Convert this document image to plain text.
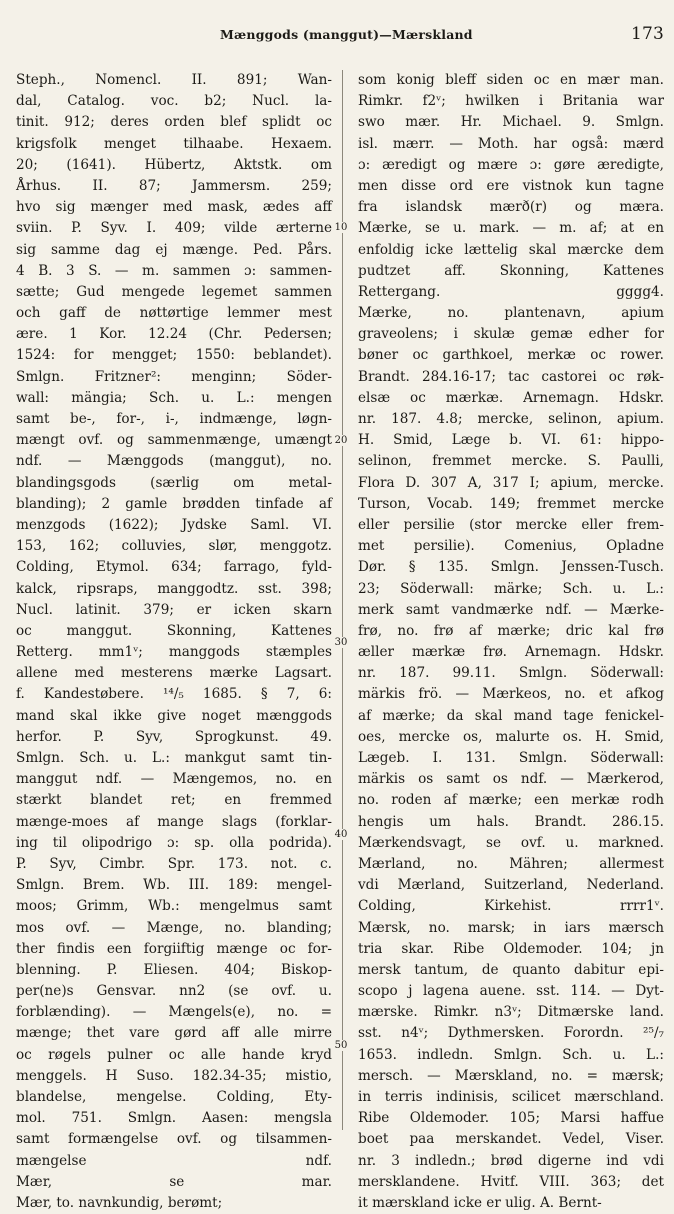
Mænggods (manggut)—Mærskland	173
10
20
30
40
50
Steph., Nomencl. II. 891; Wan-
dal, Catalog. voc. b2; Nucl. la-
tinit. 912; deres orden blef splidt oc
krigsfolk menget tilhaabe. Hexaem.
20; (1641). Hübertz, Aktstk. om
Århus. II. 87; Jammersm. 259;
hvo sig mænger med mask, ædes aff
sviin. P. Syv. I. 409; vilde ærterne
sig samme dag ej mænge. Ped. Pårs.
4 B. 3 S. — m. sammen ɔ: sammen-
sætte; Gud mengede legemet sammen
och gaff de nøttørtige lemmer mest
ære. 1 Kor. 12.24 (Chr. Pedersen;
1524: for mengget; 1550: beblandet).
Smlgn. Fritzner²: menginn; Söder-
wall: mängia; Sch. u. L.: mengen
samt be-, for-, i-, indmænge, løgn-
mængt ovf. og sammenmænge, umængt
ndf. — Mænggods (manggut), no.
blandingsgods (særlig om metal-
blanding); 2 gamle brødden tinfade af
menzgods (1622); Jydske Saml. VI.
153, 162; colluvies, slør, menggotz.
Colding, Etymol. 634; farrago, fyld-
kalck, ripsraps, manggodtz. sst. 398;
Nucl. latinit. 379; er icken skarn
oc manggut. Skonning, Kattenes
Retterg. mm1ᵛ; manggods stæmples
allene med mesterens mærke Lagsart.
f. Kandestøbere. ¹⁴/₅ 1685. § 7, 6:
mand skal ikke give noget mænggods
herfor. P. Syv, Sprogkunst. 49.
Smlgn. Sch. u. L.: mankgut samt tin-
manggut ndf. — Mængemos, no. en
stærkt blandet ret; en fremmed
mænge-moes af mange slags (forklar-
ing til olipodrigo ɔ: sp. olla podrida).
P. Syv, Cimbr. Spr. 173. not. c.
Smlgn. Brem. Wb. III. 189: mengel-
moos; Grimm, Wb.: mengelmus samt
mos ovf. — Mænge, no. blanding;
ther findis een forgiiftig mænge oc for-
blenning. P. Eliesen. 404; Biskop-
per(ne)s Gensvar. nn2 (se ovf. u.
forblænding). — Mængels(e), no. =
mænge; thet vare gørd aff alle mirre
oc røgels pulner oc alle hande kryd
menggels. H Suso. 182.34-35; mistio,
blandelse, mengelse. Colding, Ety-
mol. 751. Smlgn. Aasen: mengsla
samt formængelse ovf. og tilsammen-
mængelse ndf.
Mær, se mar.
Mær, to. navnkundig, berømt;
som konig bleff siden oc en mær man.
Rimkr. f2ᵛ; hwilken i Britania war
swo mær. Hr. Michael. 9. Smlgn.
isl. mærr. — Moth. har også: mærd
ɔ: æredigt og mære ɔ: gøre æredigte,
men disse ord ere vistnok kun tagne
fra islandsk mærð(r) og mæra.
Mærke, se u. mark. — m. af; at en
enfoldig icke lættelig skal mæ​rcke dem
pudtzet aff. Skonning, Kattenes
Rettergang. gggg4.
Mærke, no. plantenavn, apium
graveolens; i skulæ gemæ edher for
bøner oc garthkoel, merkæ oc rower.
Brandt. 284.16-17; tac castorei oc røk-
elsæ oc mærkæ. Arnemagn. Hdskr.
nr. 187. 4.8; mercke, selinon, apium.
H. Smid, Læge b. VI. 61: hippo-
selinon, fremmet mercke. S. Paulli,
Flora D. 307 A, 317 I; apium, mercke.
Turson, Vocab. 149; fremmet mercke
eller persilie (stor mercke eller frem-
met persilie). Comenius, Opladne
Dør. § 135. Smlgn. Jenssen-Tusch.
23; Söderwall: märke; Sch. u. L.:
merk samt vandmærke ndf. — Mærke-
frø, no. frø af mærke; dric kal frø
æller mærkæ frø. Arnemagn. Hdskr.
nr. 187. 99.11. Smlgn. Söderwall:
märkis frö. — Mærkeos, no. et afkog
af mærke; da skal mand tage fenickel-
oes, mercke os, malurte os. H. Smid,
Lægeb. I. 131. Smlgn. Söderwall:
märkis os samt os ndf. — Mærkerod,
no. roden af mærke; een merkæ rodh
hengis um hals. Brandt. 286.15.
Mærkendsvagt, se ovf. u. markned.
Mærland, no. Mähren; allermest
vdi Mærland, Suitzerland, Nederland.
Colding, Kirkehist. rrrr1ᵛ.
Mærsk, no. marsk; in iars mærsch
tria skar. Ribe Oldemoder. 104; jn
mersk tantum, de quanto dabitur epi-
scopo j lagena auene. sst. 114. — Dyt-
mærske. Rimkr. n3ᵛ; Ditmærske land.
sst. n4ᵛ; Dythmersken. Forordn. ²⁵/₇
1653. indledn. Smlgn. Sch. u. L.:
mersch. — Mærskland, no. = mærsk;
in terris indinisis, scilicet mærschland.
Ribe Oldemoder. 105; Marsi haffue
boet paa merskandet. Vedel, Viser.
nr. 3 indledn.; brød digerne ind vdi
merskl​andene. Hvitf. VIII. 363; det
it mærskland icke er ulig. A. Bernt-
